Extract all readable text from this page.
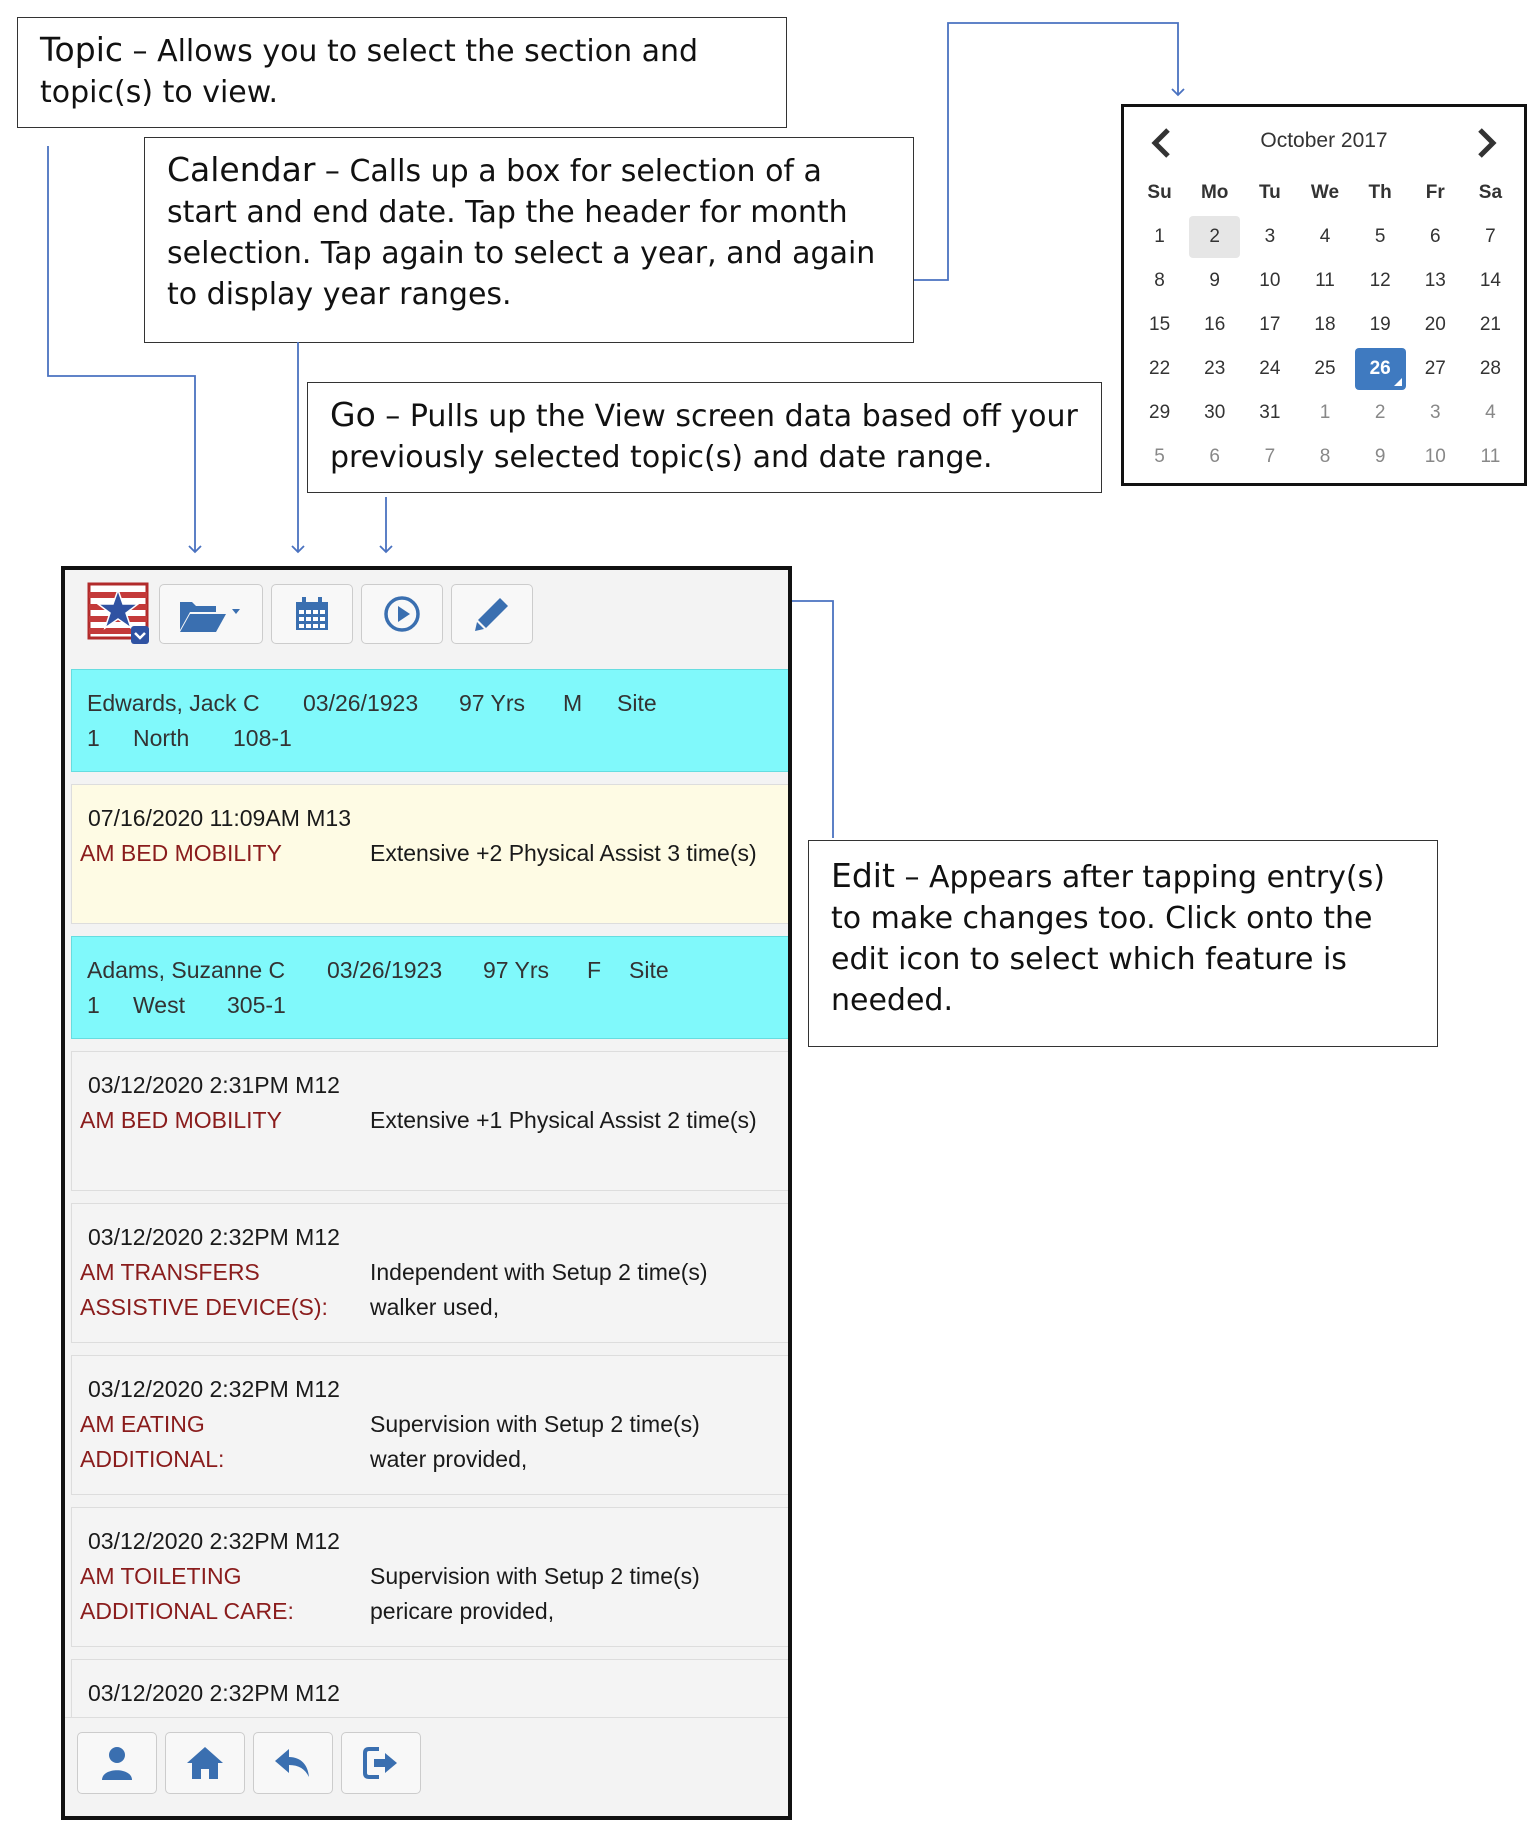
Topic – Allows you to select the section and topic(s) to view.
Calendar – Calls up a box for selection of a start and end date. Tap the header for month selection. Tap again to select a year, and again to display year ranges.
Go – Pulls up the View screen data based off your previously selected topic(s) and date range.
Edit – Appears after tapping entry(s) to make changes too. Click onto the edit icon to select which feature is needed.
October 2017
Su	Mo	Tu	We	Th	Fr	Sa
1	2	3	4	5	6	7
8	9	10	11	12	13	14
15	16	17	18	19	20	21
22	23	24	25	26	27	28
29	30	31	1	2	3	4
5	6	7	8	9	10	11
Edwards, Jack C 03/26/1923 97 Yrs M Site
1 North 108-1
07/16/2020 11:09AM M13
AM BED MOBILITY	Extensive +2 Physical Assist 3 time(s)
Adams, Suzanne C 03/26/1923 97 Yrs F Site
1 West 305-1
03/12/2020 2:31PM M12
AM BED MOBILITY	Extensive +1 Physical Assist 2 time(s)
03/12/2020 2:32PM M12
AM TRANSFERS	Independent with Setup 2 time(s)
ASSISTIVE DEVICE(S):	walker used,
03/12/2020 2:32PM M12
AM EATING	Supervision with Setup 2 time(s)
ADDITIONAL:	water provided,
03/12/2020 2:32PM M12
AM TOILETING	Supervision with Setup 2 time(s)
ADDITIONAL CARE:	pericare provided,
03/12/2020 2:32PM M12
